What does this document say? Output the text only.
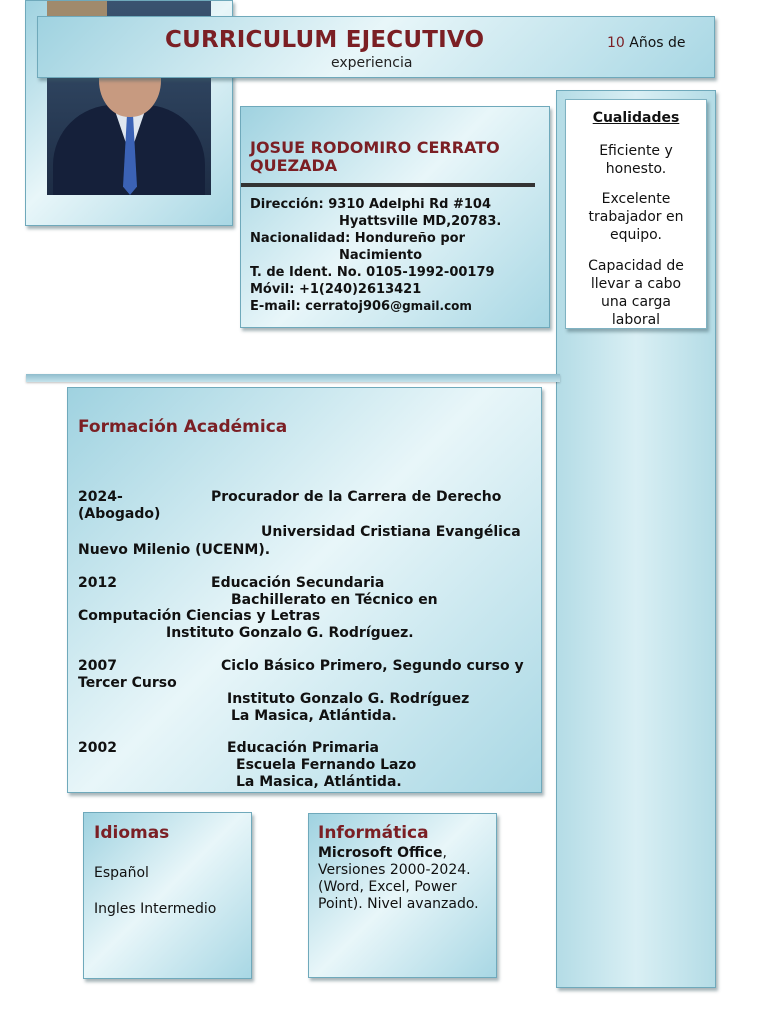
Cualidades
Eficiente y
honesto.
Excelente
trabajador en
equipo.
Capacidad de
llevar a cabo
una carga
laboral
CURRICULUM EJECUTIVO	10 Años de
experiencia
JOSUE RODOMIRO CERRATO
QUEZADA
Dirección: 9310 Adelphi Rd #104
Hyattsville MD,20783.
Nacionalidad: Hondureño por
Nacimiento
T. de Ident. No. 0105-1992-00179
Móvil: +1(240)2613421
E-mail: cerratoj906@gmail.com
Formación Académica
2024-	Procurador de la Carrera de Derecho
(Abogado)
Universidad Cristiana Evangélica
Nuevo Milenio (UCENM).
2012	Educación Secundaria
Bachillerato en Técnico en
Computación Ciencias y Letras
Instituto Gonzalo G. Rodríguez.
2007	Ciclo Básico Primero, Segundo curso y
Tercer Curso
Instituto Gonzalo G. Rodríguez
La Masica, Atlántida.
2002	Educación Primaria
Escuela Fernando Lazo
La Masica, Atlántida.
Idiomas
Español
Ingles Intermedio
Informática
Microsoft Office, Versiones 2000-2024. (Word, Excel, Power Point). Nivel avanzado.
